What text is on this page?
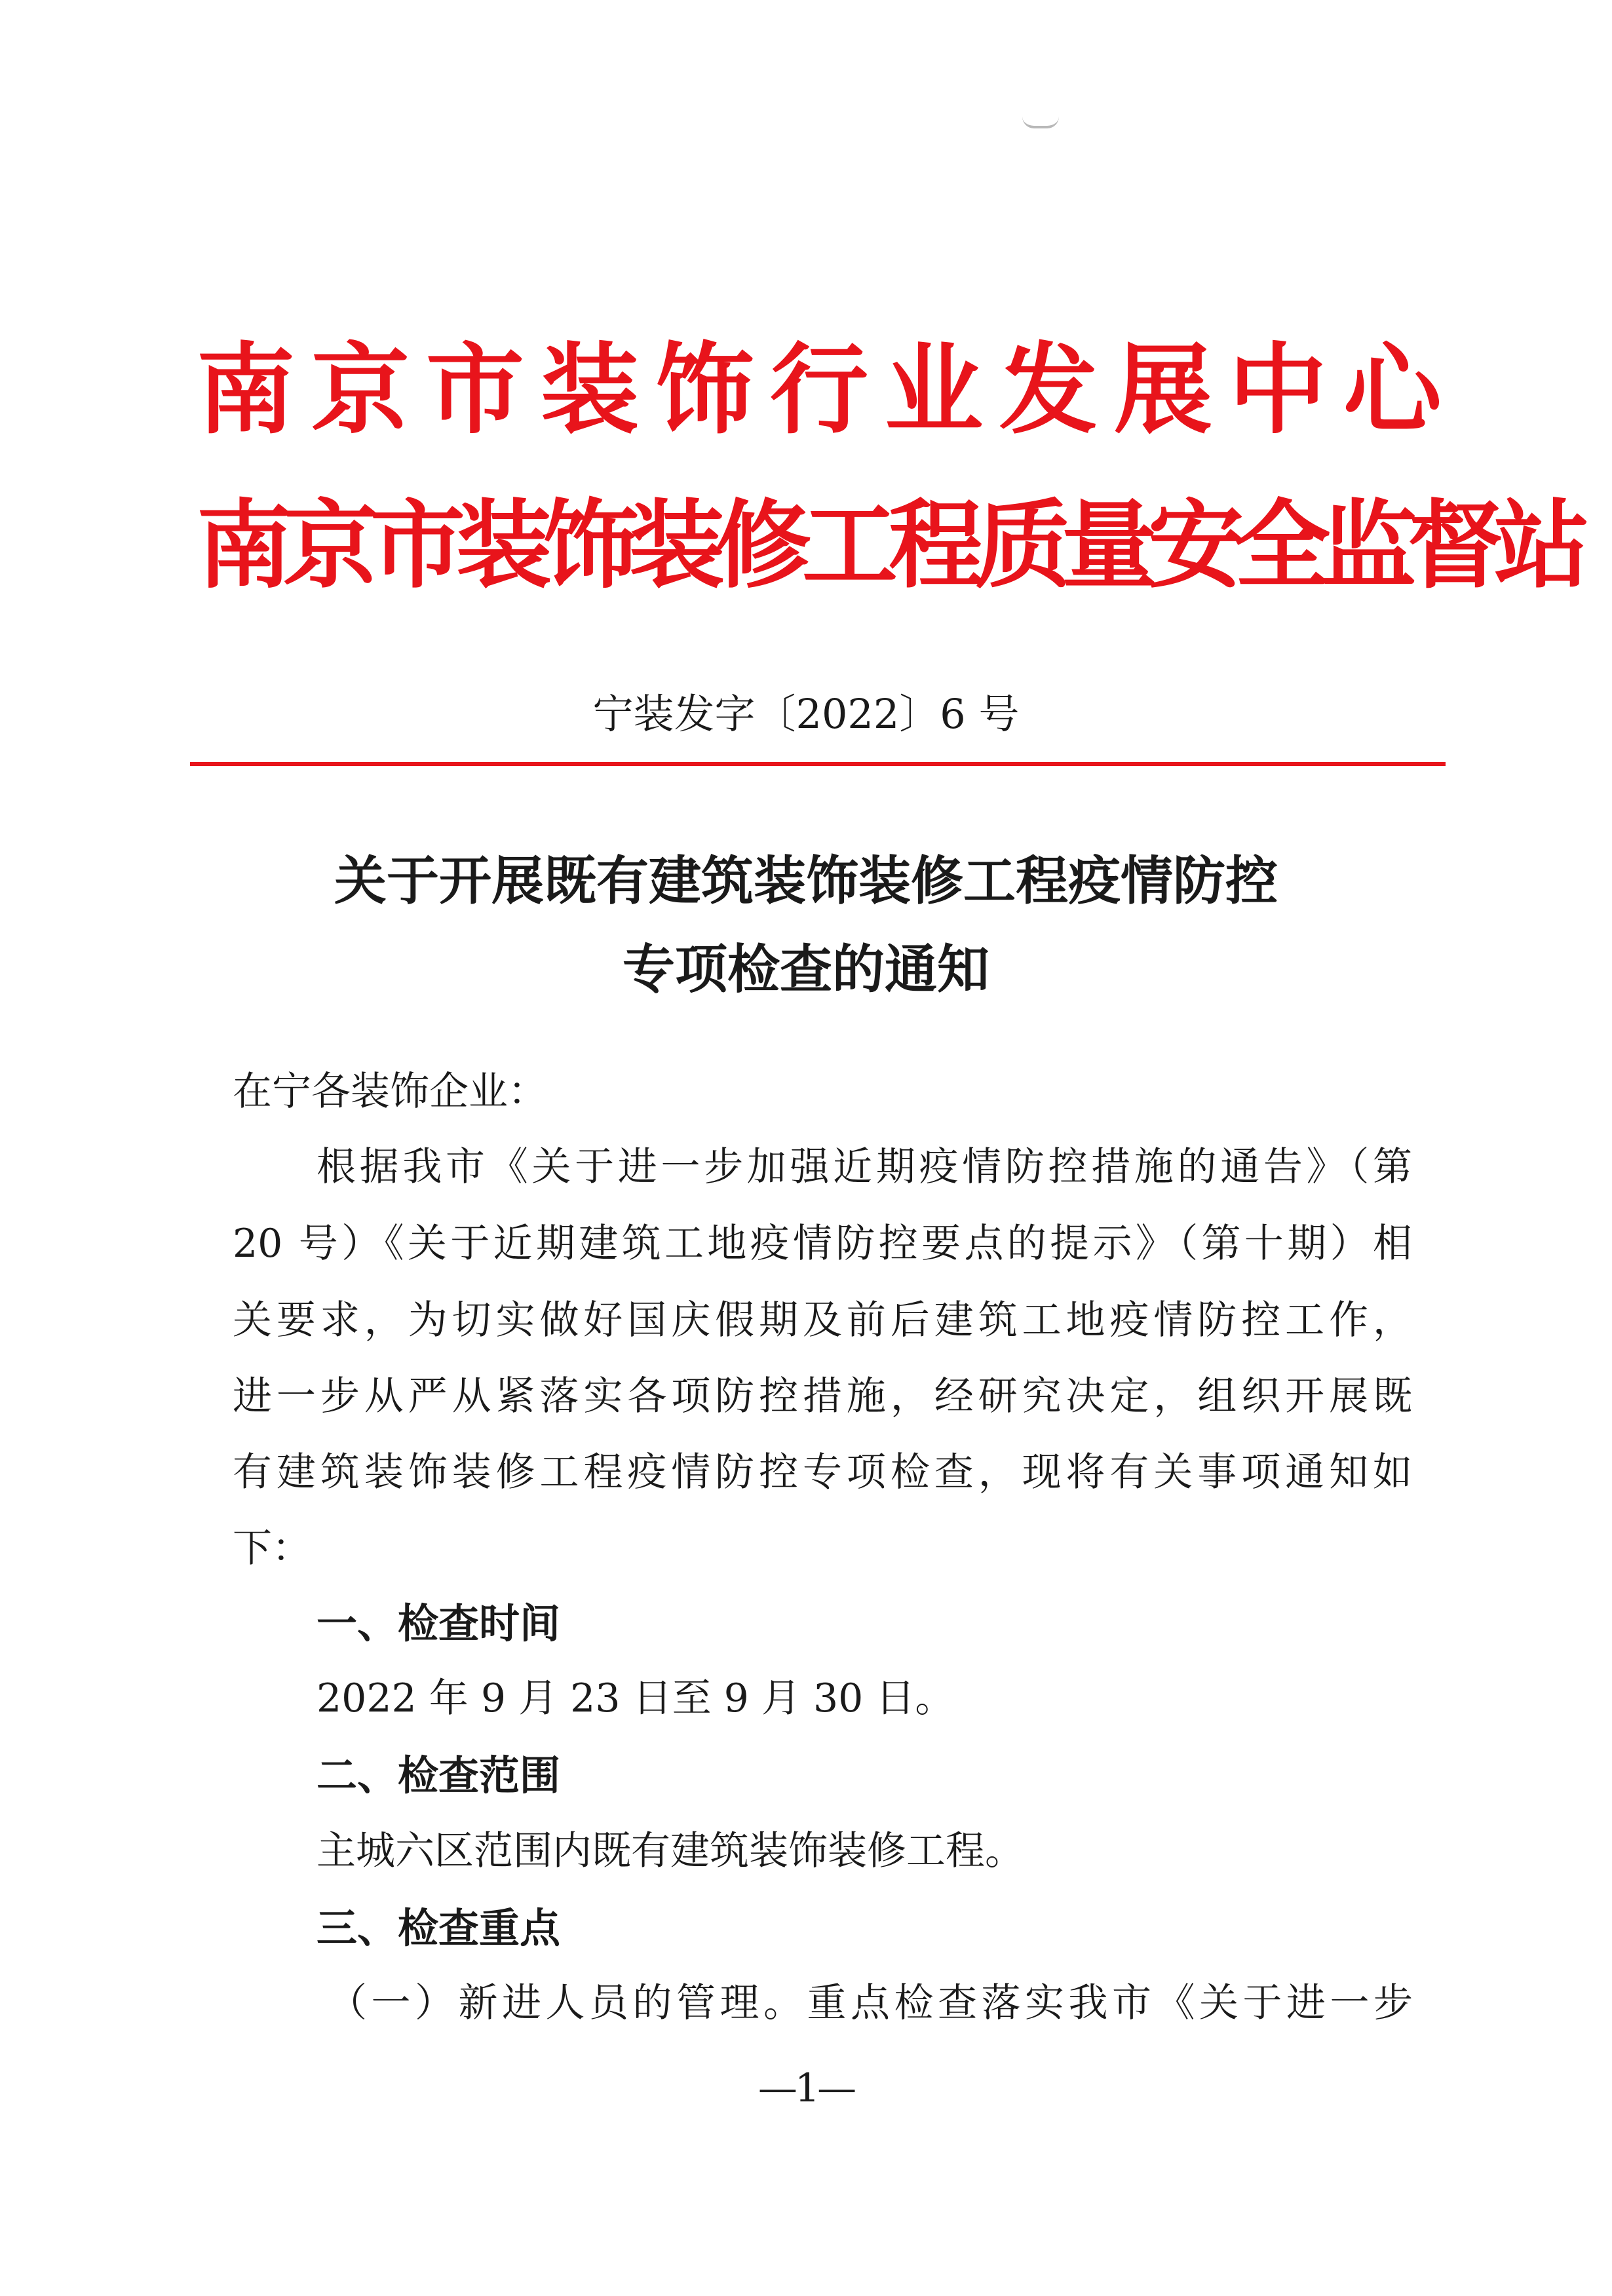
南京市装饰行业发展中心
南京市装饰装修工程质量安全监督站
宁装发字〔2022〕6 号
关于开展既有建筑装饰装修工程疫情防控
专项检查的通知
在宁各装饰企业：
根据我市《关于进一步加强近期疫情防控措施的通告》（第
20 号）《关于近期建筑工地疫情防控要点的提示》（第十期）相
关要求，为切实做好国庆假期及前后建筑工地疫情防控工作，
进一步从严从紧落实各项防控措施，经研究决定，组织开展既
有建筑装饰装修工程疫情防控专项检查，现将有关事项通知如
下：
一、检查时间
2022 年 9 月 23 日至 9 月 30 日。
二、检查范围
主城六区范围内既有建筑装饰装修工程。
三、检查重点
（一）新进人员的管理。重点检查落实我市《关于进一步
—1—
